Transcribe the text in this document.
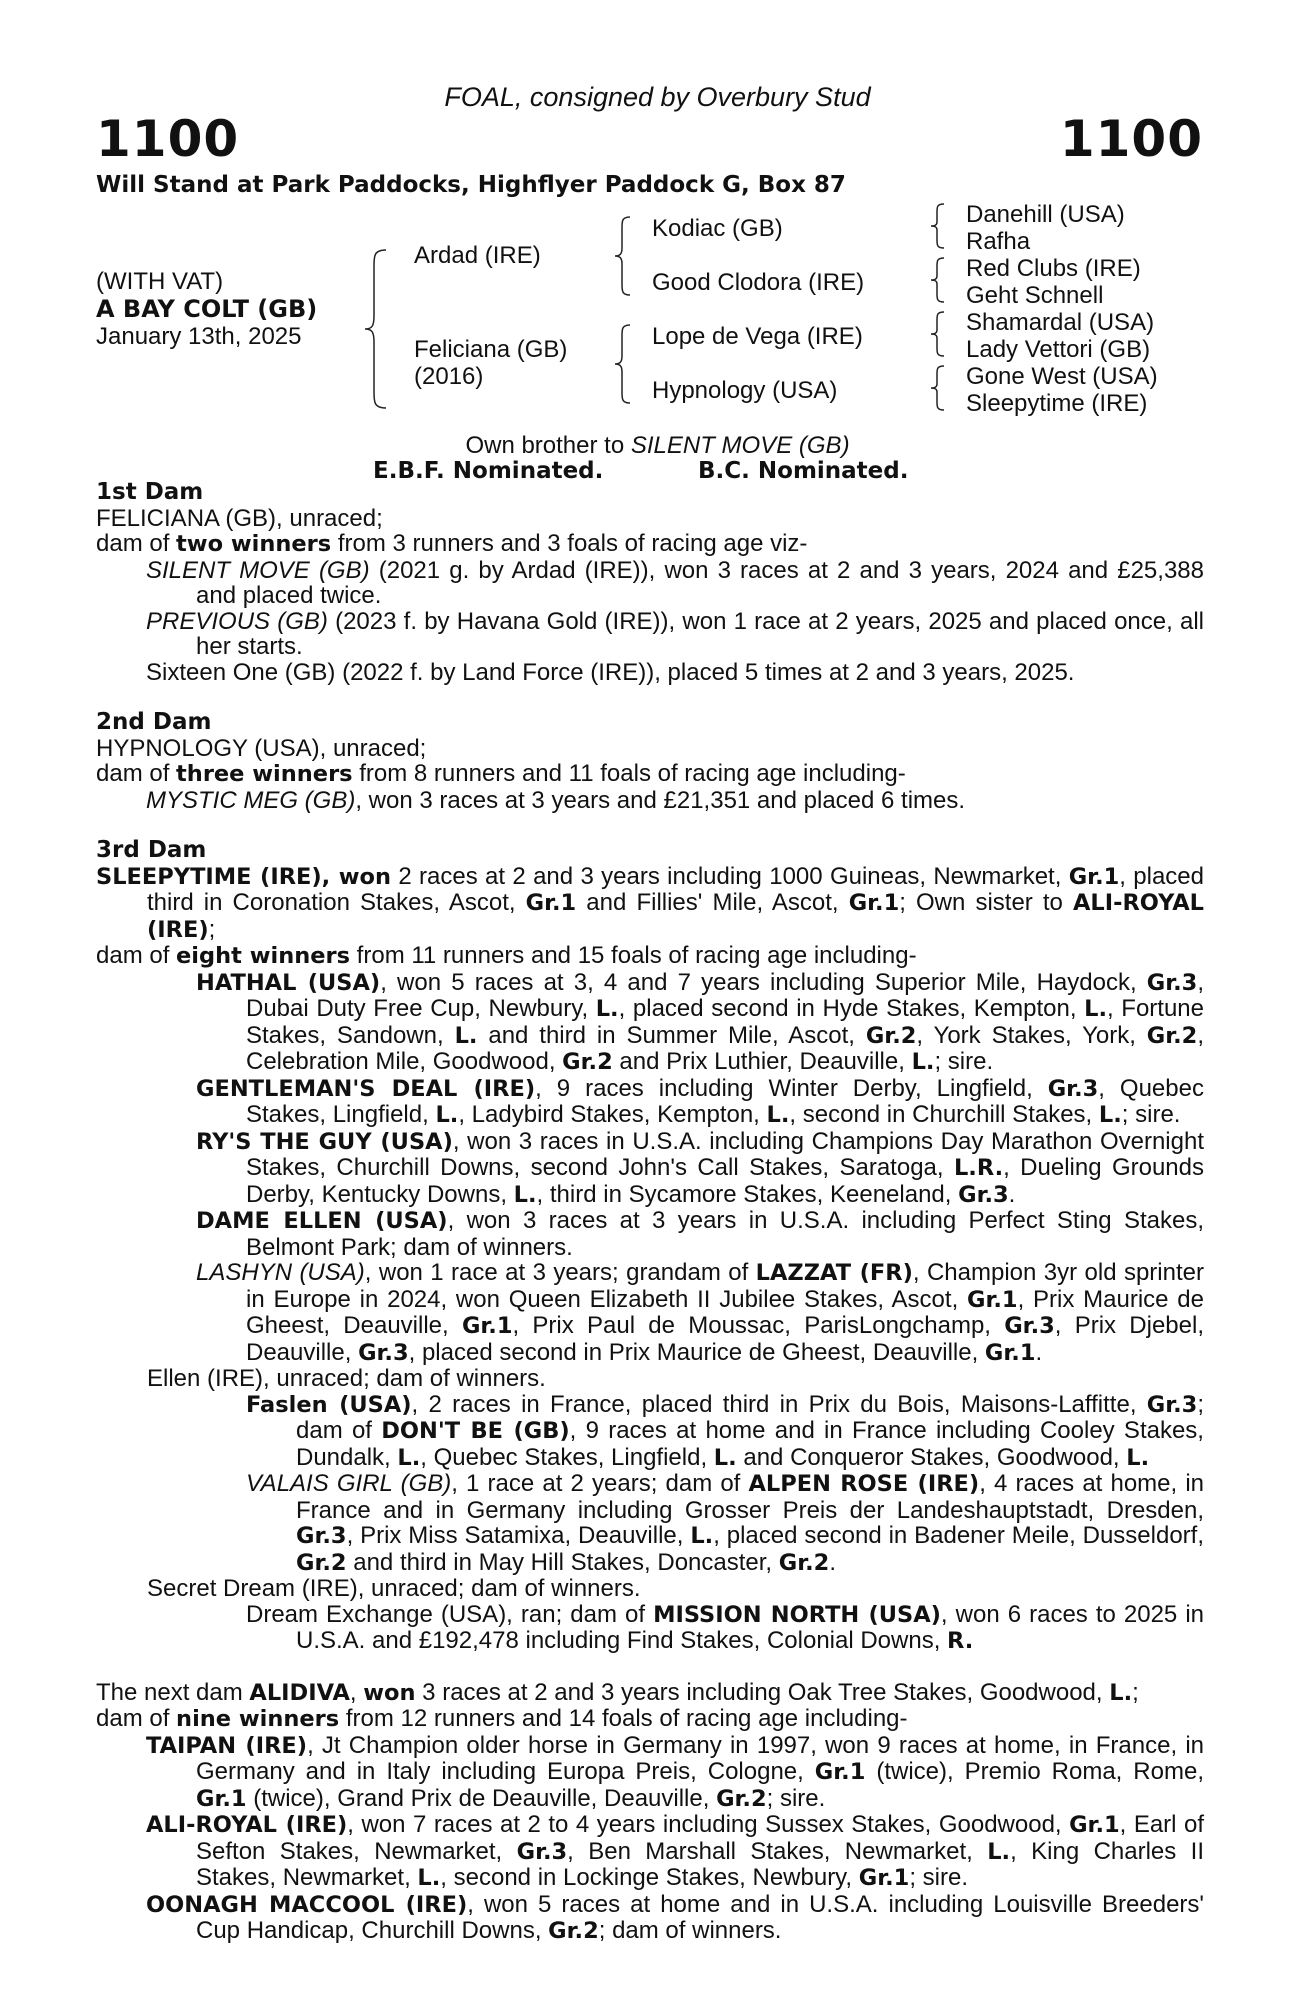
FOAL, consigned by Overbury Stud
1100	1100
Will Stand at Park Paddocks, Highflyer Paddock G, Box 87
(WITH VAT)
A BAY COLT (GB)
January 13th, 2025
Ardad (IRE)
Feliciana (GB)
(2016)
Kodiac (GB)
Good Clodora (IRE)
Lope de Vega (IRE)
Hypnology (USA)
Danehill (USA)
Rafha
Red Clubs (IRE)
Geht Schnell
Shamardal (USA)
Lady Vettori (GB)
Gone West (USA)
Sleepytime (IRE)
Own brother to SILENT MOVE (GB)
E.B.F. Nominated.	B.C. Nominated.

1st Dam

FELICIANA (GB), unraced;

dam of two winners from 3 runners and 3 foals of racing age viz-

SILENT MOVE (GB) (2021 g. by Ardad (IRE)), won 3 races at 2 and 3 years, 2024 and £25,388 and placed twice.

PREVIOUS (GB) (2023 f. by Havana Gold (IRE)), won 1 race at 2 years, 2025 and placed once, all her starts.

Sixteen One (GB) (2022 f. by Land Force (IRE)), placed 5 times at 2 and 3 years, 2025.

2nd Dam

HYPNOLOGY (USA), unraced;

dam of three winners from 8 runners and 11 foals of racing age including-

MYSTIC MEG (GB), won 3 races at 3 years and £21,351 and placed 6 times.

3rd Dam

SLEEPYTIME (IRE), won 2 races at 2 and 3 years including 1000 Guineas, Newmarket, Gr.1, placed third in Coronation Stakes, Ascot, Gr.1 and Fillies' Mile, Ascot, Gr.1; Own sister to ALI-ROYAL (IRE);

dam of eight winners from 11 runners and 15 foals of racing age including-

HATHAL (USA), won 5 races at 3, 4 and 7 years including Superior Mile, Haydock, Gr.3, Dubai Duty Free Cup, Newbury, L., placed second in Hyde Stakes, Kempton, L., Fortune Stakes, Sandown, L. and third in Summer Mile, Ascot, Gr.2, York Stakes, York, Gr.2, Celebration Mile, Goodwood, Gr.2 and Prix Luthier, Deauville, L.; sire.

GENTLEMAN'S DEAL (IRE), 9 races including Winter Derby, Lingfield, Gr.3, Quebec Stakes, Lingfield, L., Ladybird Stakes, Kempton, L., second in Churchill Stakes, L.; sire.

RY'S THE GUY (USA), won 3 races in U.S.A. including Champions Day Marathon Overnight Stakes, Churchill Downs, second John's Call Stakes, Saratoga, L.R., Dueling Grounds Derby, Kentucky Downs, L., third in Sycamore Stakes, Keeneland, Gr.3.

DAME ELLEN (USA), won 3 races at 3 years in U.S.A. including Perfect Sting Stakes, Belmont Park; dam of winners.

LASHYN (USA), won 1 race at 3 years; grandam of LAZZAT (FR), Champion 3yr old sprinter in Europe in 2024, won Queen Elizabeth II Jubilee Stakes, Ascot, Gr.1, Prix Maurice de Gheest, Deauville, Gr.1, Prix Paul de Moussac, ParisLongchamp, Gr.3, Prix Djebel, Deauville, Gr.3, placed second in Prix Maurice de Gheest, Deauville, Gr.1.

Ellen (IRE), unraced; dam of winners.

Faslen (USA), 2 races in France, placed third in Prix du Bois, Maisons-Laffitte, Gr.3; dam of DON'T BE (GB), 9 races at home and in France including Cooley Stakes, Dundalk, L., Quebec Stakes, Lingfield, L. and Conqueror Stakes, Goodwood, L.

VALAIS GIRL (GB), 1 race at 2 years; dam of ALPEN ROSE (IRE), 4 races at home, in France and in Germany including Grosser Preis der Landeshauptstadt, Dresden, Gr.3, Prix Miss Satamixa, Deauville, L., placed second in Badener Meile, Dusseldorf, Gr.2 and third in May Hill Stakes, Doncaster, Gr.2.

Secret Dream (IRE), unraced; dam of winners.

Dream Exchange (USA), ran; dam of MISSION NORTH (USA), won 6 races to 2025 in U.S.A. and £192,478 including Find Stakes, Colonial Downs, R.

The next dam ALIDIVA, won 3 races at 2 and 3 years including Oak Tree Stakes, Goodwood, L.;

dam of nine winners from 12 runners and 14 foals of racing age including-

TAIPAN (IRE), Jt Champion older horse in Germany in 1997, won 9 races at home, in France, in Germany and in Italy including Europa Preis, Cologne, Gr.1 (twice), Premio Roma, Rome, Gr.1 (twice), Grand Prix de Deauville, Deauville, Gr.2; sire.

ALI-ROYAL (IRE), won 7 races at 2 to 4 years including Sussex Stakes, Goodwood, Gr.1, Earl of Sefton Stakes, Newmarket, Gr.3, Ben Marshall Stakes, Newmarket, L., King Charles II Stakes, Newmarket, L., second in Lockinge Stakes, Newbury, Gr.1; sire.

OONAGH MACCOOL (IRE), won 5 races at home and in U.S.A. including Louisville Breeders' Cup Handicap, Churchill Downs, Gr.2; dam of winners.
